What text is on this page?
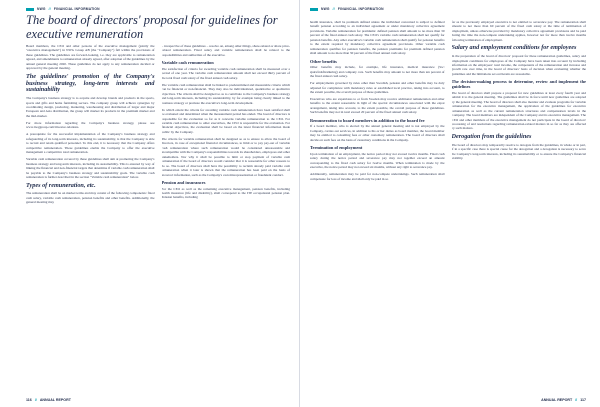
NWG // FINANCIAL INFORMATION
The board of directors' proposal for guidelines for executive remuneration

Board members, the CEO and other persons of the executive management (jointly the "executive management") in NWG Group AB (the "Company") fall within the provisions of these guidelines. The guidelines are forward-looking, i.e. they are applicable to remuneration agreed, and amendments to remuneration already agreed, after adoption of the guidelines by the annual general meeting 2020. These guidelines do not apply to any remuneration decided or approved by the general meeting.

The guidelines' promotion of the Company's business strategy, long-term interests and sustainability

The Company's business strategy is to acquire and develop brands and products in the sports, sports and gifts and home furnishing sectors. The company group will achieve synergies by coordinating design, producing, marketing, warehousing and distribution of larger and major European and Asia distribution, the group will market its products in the premium market and the mid-market.

For more information regarding the Company's business strategy, please see www.nwggroup.com/investor-relations.

A prerequisite for the successful implementation of the Company's business strategy and safeguarding of its long-term interests, including its sustainability, is that the Company is able to recruit and retain qualified personnel. To this end, it is necessary that the Company offers competitive remuneration. These guidelines enable the Company to offer the executive management a competitive total remuneration.

Variable cash remuneration covered by these guidelines shall aim at promoting the Company's business strategy and long-term interests, including its sustainability. This is ensured by way of linking the financial and non-financial targets that determine if variable cash remuneration shall be payable to the Company's business strategy and sustainability goals. The variable cash remuneration is further described in the section "Variable cash remuneration" below.

Types of remuneration, etc.

The remuneration shall be on market terms and may consist of the following components: fixed cash salary, variable cash remuneration, pension benefits and other benefits. Additionally, the general meeting may

– irrespective of these guidelines – resolve on, among other things, share-related or share price-related remuneration. Fixed salary and variable remuneration shall be related to the responsibilities and authorities of the executive.

Variable cash remuneration

The satisfaction of criteria for awarding variable cash remuneration shall be measured over a period of one year. The variable cash remuneration amount shall not exceed thirty percent of the total fixed cash salary of the fixed annual cash salary.

The variable cash remuneration shall be linked to predetermined and measurable criteria which can be financial or non-financial. They may also be individualized, quantitative or qualitative objectives. The criteria shall be designed so as to contribute to the Company's business strategy and long-term interests, including its sustainability, by for example being clearly linked to the business strategy or promote the executive's long-term development.

To which extent the criteria for awarding variable cash remuneration have been satisfied shall be evaluated and determined when the measurement period has ended. The board of directors is responsible for the evaluation so far as it concerns variable remuneration to the CEO. For variable cash remuneration to other executives, the CEO is responsible for the evaluation. For financial objectives, the evaluation shall be based on the latest financial information made public by the Company.

The criteria for variable remuneration shall be designed so as to ensure to allow the board of directors, in case of exceptional financial circumstances, to limit or to pay pay-out of variable cash remuneration where such remuneration would be considered unreasonable and incompatible with the Company's responsibilities towards its shareholders, employees and other stakeholders. Nor why it shall be possible to limit or stop payment of variable cash remuneration if the board of directors would consider that it is reasonable for other reasons to do so. The board of directors shall have the possibility to reclaim already paid variable cash remuneration when it later is shown that the remuneration has been paid on the basis of incorrect information, such as the Company's own misrepresentation or fraudulent conduct.

Pension and insurances

For the CEO as well as the remaining executive management, pension benefits, including health insurance (life and disability), shall correspond to the ITP occupational pension plan. Pension benefits, including

116 // ANNUAL REPORT
NWG // FINANCIAL INFORMATION

health insurance, shall be premium defined unless the individual concerned is subject to defined benefit pension according to an individual agreement or under mandatory collective agreement provisions. Variable remuneration for premiums: defined pension shall amount to no more than 30 percent of the fixed annual cash salary. The CEO's variable cash remuneration shall not qualify for pension benefits. Any other executive's variable cash remuneration shall qualify for pension benefits to the extent required by mandatory collective agreement provisions. Other variable cash remuneration qualifies for pension benefits, the pension premiums for premium defined pension shall amount to no more than 30 percent of the fixed annual cash salary.

Other benefits

Other benefits may include, for example, life insurance, medical insurance (Sw: sjukvårdsförsäkring) and company cars. Such benefits may amount to not more than ten percent of the fixed annual cash salary.

For employments governed by rules other than Swedish, pension and other benefits may be duly adjusted for compliance with mandatory rules or established local practice, taking into account, to the extent possible, the overall purpose of these guidelines.

Executives who are expatriates to or from Sweden may receive additional remuneration and other benefits to the extent reasonable in light of the special circumstances associated with the expat arrangement, taking into account, to the extent possible, the overall purpose of these guidelines. Such benefits may not in total exceed 20 percent of the fixed annual cash salary.

Remuneration to board members in addition to the board fee

If a board member, who is elected by the annual general meeting and is not employed by the Company, carries out services, in addition to his or her duties as board member, the board member may be entitled to consulting fees or other customary remuneration. The board of directors shall decide on such fees on the basis of customary conditions in the Company.

Termination of employment

Upon termination of an employment, the notice period may not exceed twelve months. Fixed cash salary during the notice period and severance pay may not together exceed an amount corresponding to the fixed cash salary for twelve months. When termination is made by the executive, the notice period may not exceed six months, without any right to severance pay.

Additionally, remuneration may be paid for non-compete undertakings. Such remuneration shall compensate for loss of income and shall only be paid in so

far as the previously employed executive is not entitled to severance pay. The remuneration shall amount to not more than 60 percent of the fixed cash salary at the time of termination of employment, unless otherwise provided by mandatory collective agreement provisions and be paid during the time the non-compete undertaking applies, however not for more than twelve months following termination of employment.

Salary and employment conditions for employees

In the preparation of the board of directors' proposal for these remuneration guidelines, salary and employment conditions for employees of the Company have been taken into account by including information on the employees' total income, the components of the remuneration and increase and growth rate over time, in the board of directors' basis of decision when evaluating whether the guidelines and the limitations set out herein are reasonable.

The decision-making process to determine, review and implement the guidelines

The board of directors shall prepare a proposal for new guidelines at least every fourth year and submit it to the general meeting. The guidelines shall be in force until new guidelines are adopted by the general meeting. The board of directors shall also monitor and evaluate programs for variable remuneration for the executive management, the application of the guidelines for executive remuneration as well as the current remuneration structures and compensation levels in the Company. The board members are independent of the Company and its executive management. The CEO and other members of the executive management do not participate in the board of directors' processing of and resolutions regarding remuneration-related matters in so far as they are affected by such matters.

Derogation from the guidelines

The board of directors may temporarily resolve to derogate from the guidelines, in whole or in part, if in a specific case there is special cause for the derogation and a derogation is necessary to serve the Company's long-term interests, including its sustainability or to ensure the Company's financial viability.

ANNUAL REPORT // 117
